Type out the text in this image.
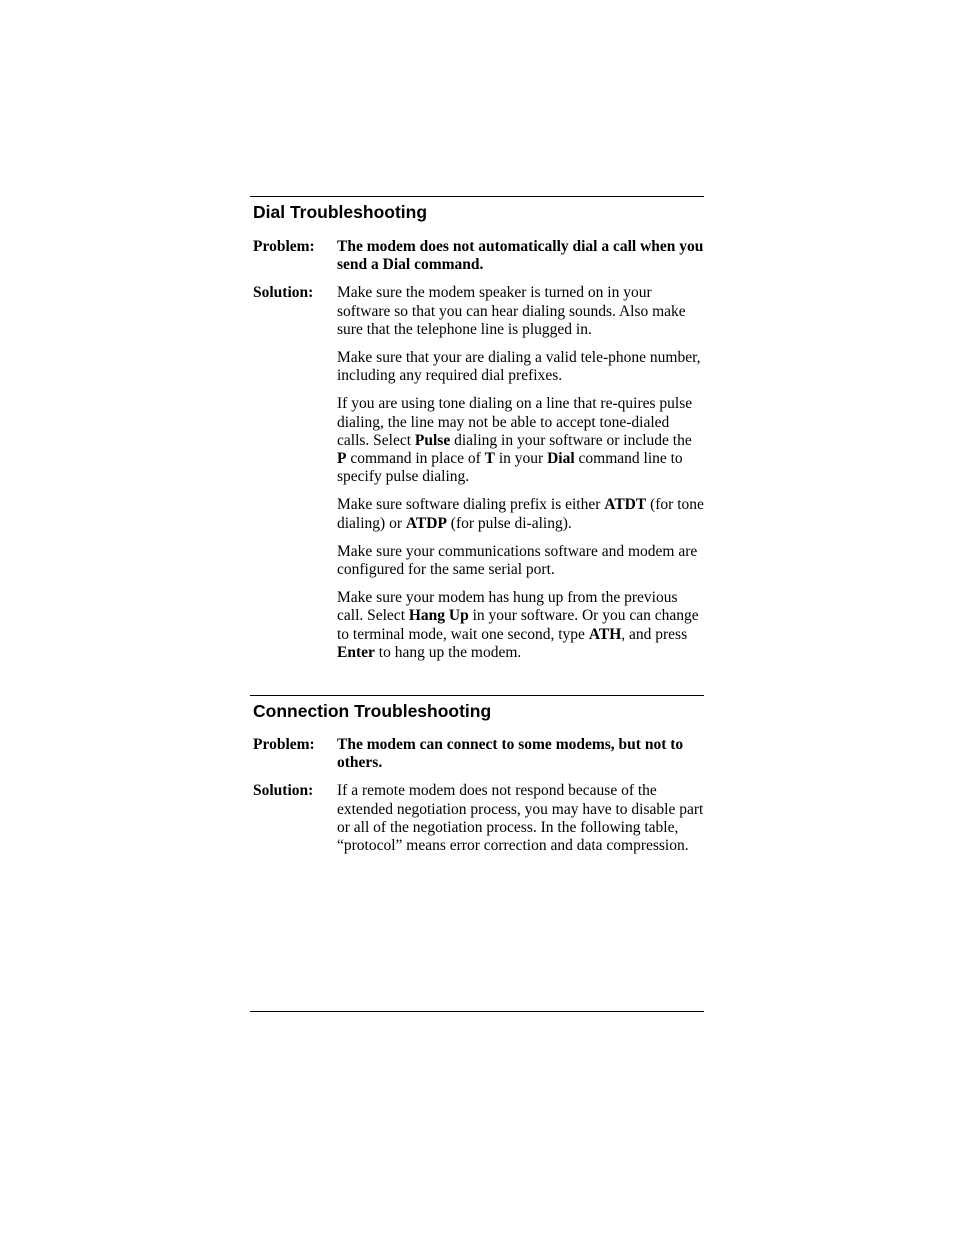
Dial Troubleshooting
Problem:	The modem does not automatically dial a call when you send a Dial command.
Solution:	Make sure the modem speaker is turned on in your software so that you can hear dialing sounds. Also make sure that the telephone line is plugged in.

Make sure that your are dialing a valid tele-phone number, including any required dial prefixes.

If you are using tone dialing on a line that re-quires pulse dialing, the line may not be able to accept tone-dialed calls. Select Pulse dialing in your software or include the P command in place of T in your Dial command line to specify pulse dialing.

Make sure software dialing prefix is either ATDT (for tone dialing) or ATDP (for pulse di-aling).

Make sure your communications software and modem are configured for the same serial port.

Make sure your modem has hung up from the previous call. Select Hang Up in your software. Or you can change to terminal mode, wait one second, type ATH, and press Enter to hang up the modem.

Connection Troubleshooting
Problem:	The modem can connect to some modems, but not to others.
Solution:	If a remote modem does not respond because of the extended negotiation process, you may have to disable part or all of the negotiation process. In the following table, “protocol” means error correction and data compression.
